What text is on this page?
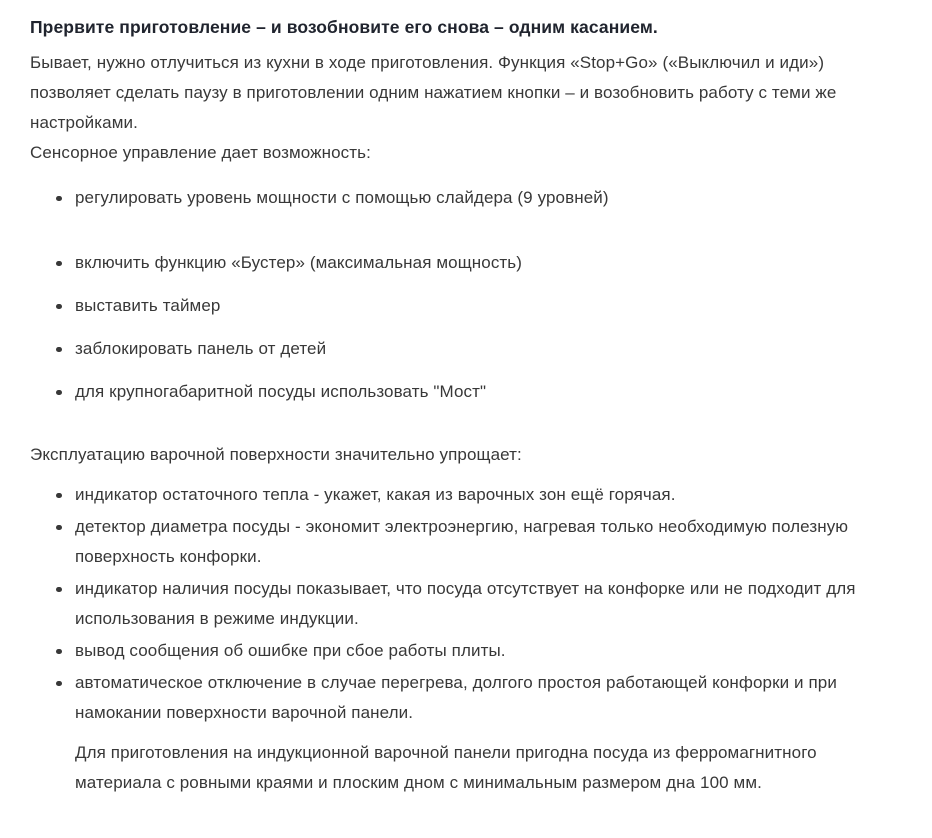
Прервите приготовление – и возобновите его снова – одним касанием.

Бывает, нужно отлучиться из кухни в ходе приготовления. Функция «Stop+Go» («Выключил и иди») позволяет сделать паузу в приготовлении одним нажатием кнопки – и возобновить работу с теми же настройками.

Сенсорное управление дает возможность:

регулировать уровень мощности с помощью слайдера (9 уровней)
включить функцию «Бустер» (максимальная мощность)
выставить таймер
заблокировать панель от детей
для крупногабаритной посуды использовать "Мост"

Эксплуатацию варочной поверхности значительно упрощает:

индикатор остаточного тепла - укажет, какая из варочных зон ещё горячая.
детектор диаметра посуды - экономит электроэнергию, нагревая только необходимую полезную поверхность конфорки.
индикатор наличия посуды показывает, что посуда отсутствует на конфорке или не подходит для использования в режиме индукции.
вывод сообщения об ошибке при сбое работы плиты.
автоматическое отключение в случае перегрева, долгого простоя работающей конфорки и при намокании поверхности варочной панели.

Для приготовления на индукционной варочной панели пригодна посуда из ферромагнитного материала с ровными краями и плоским дном с минимальным размером дна 100 мм.
